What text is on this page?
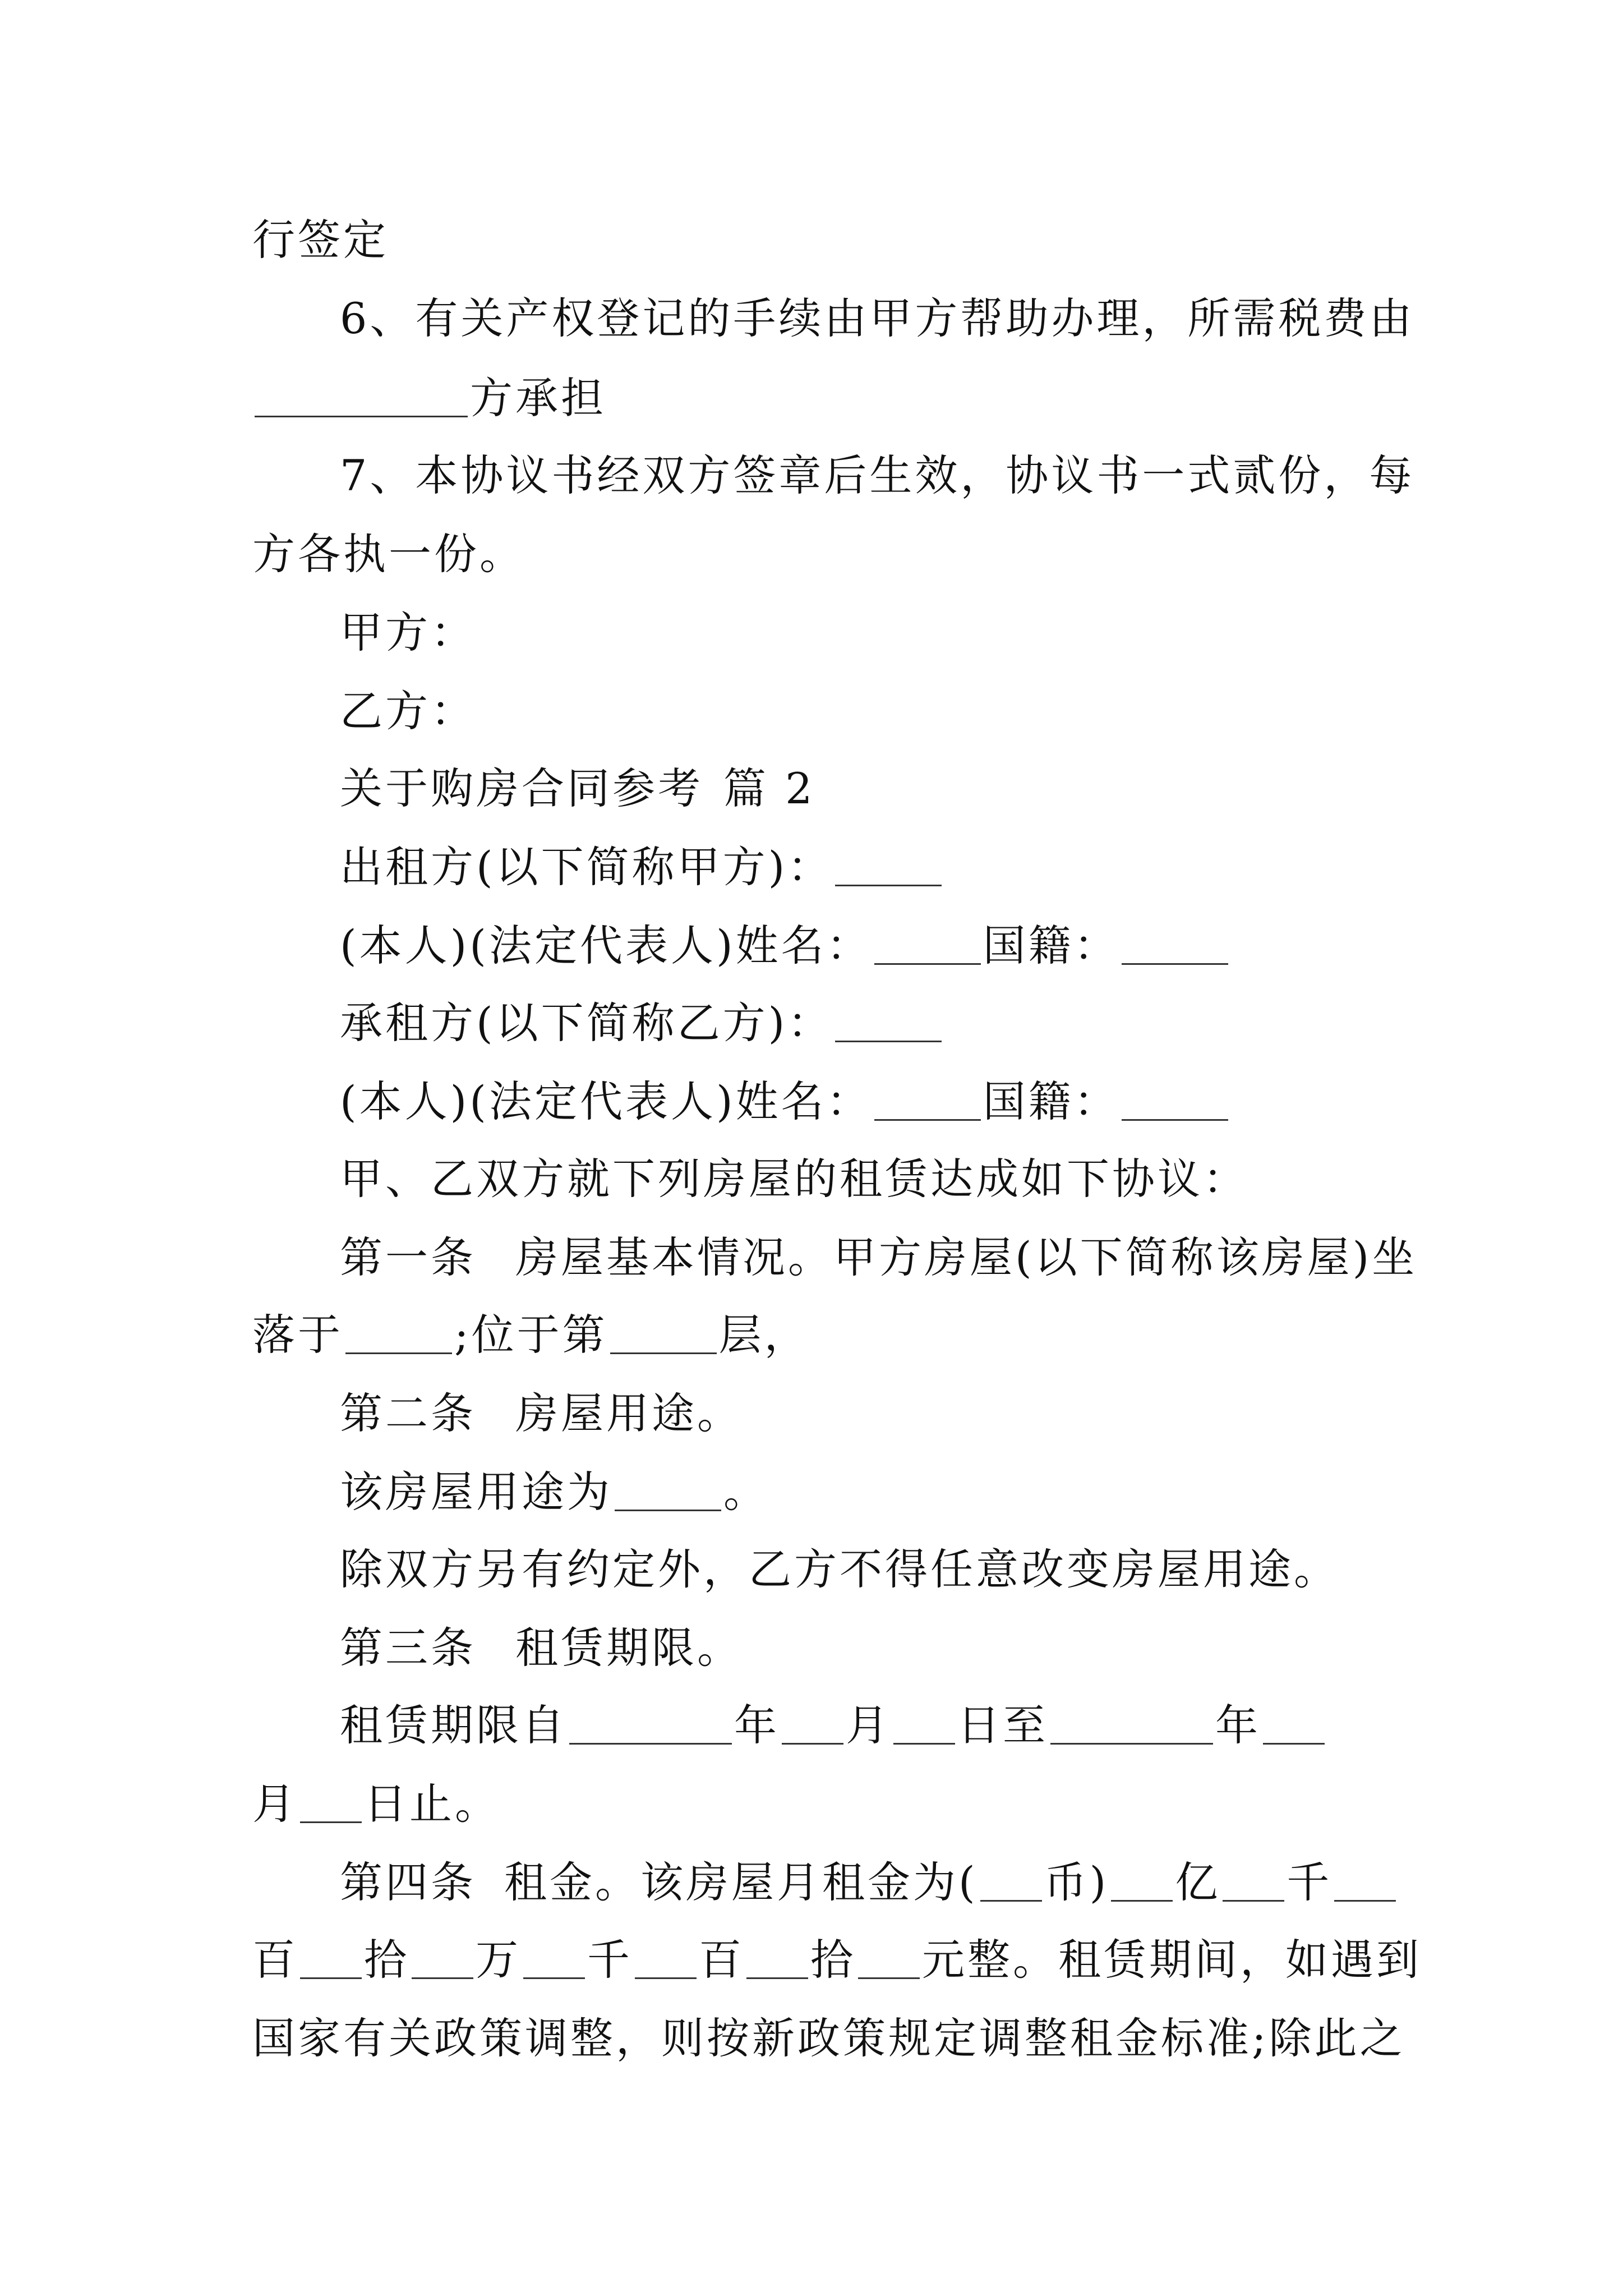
行签定
6、有关产权登记的手续由甲方帮助办理，所需税费由
方承担
7、本协议书经双方签章后生效，协议书一式贰份，每
方各执一份。
甲方：
乙方：
关于购房合同参考 篇 2
出租方(以下简称甲方)：
(本人)(法定代表人)姓名：	国籍：
承租方(以下简称乙方)：
(本人)(法定代表人)姓名：	国籍：
甲、乙双方就下列房屋的租赁达成如下协议：
第一条 房屋基本情况。甲方房屋(以下简称该房屋)坐
落于	;位于第	层，
第二条 房屋用途。
该房屋用途为	。
除双方另有约定外，乙方不得任意改变房屋用途。
第三条 租赁期限。
租赁期限自	年 月 日至	年
月 日止。
第四条 租金。该房屋月租金为( 币) 亿 千
百 拾 万 千 百 拾 元整。租赁期间，如遇到
国家有关政策调整，则按新政策规定调整租金标准;除此之
